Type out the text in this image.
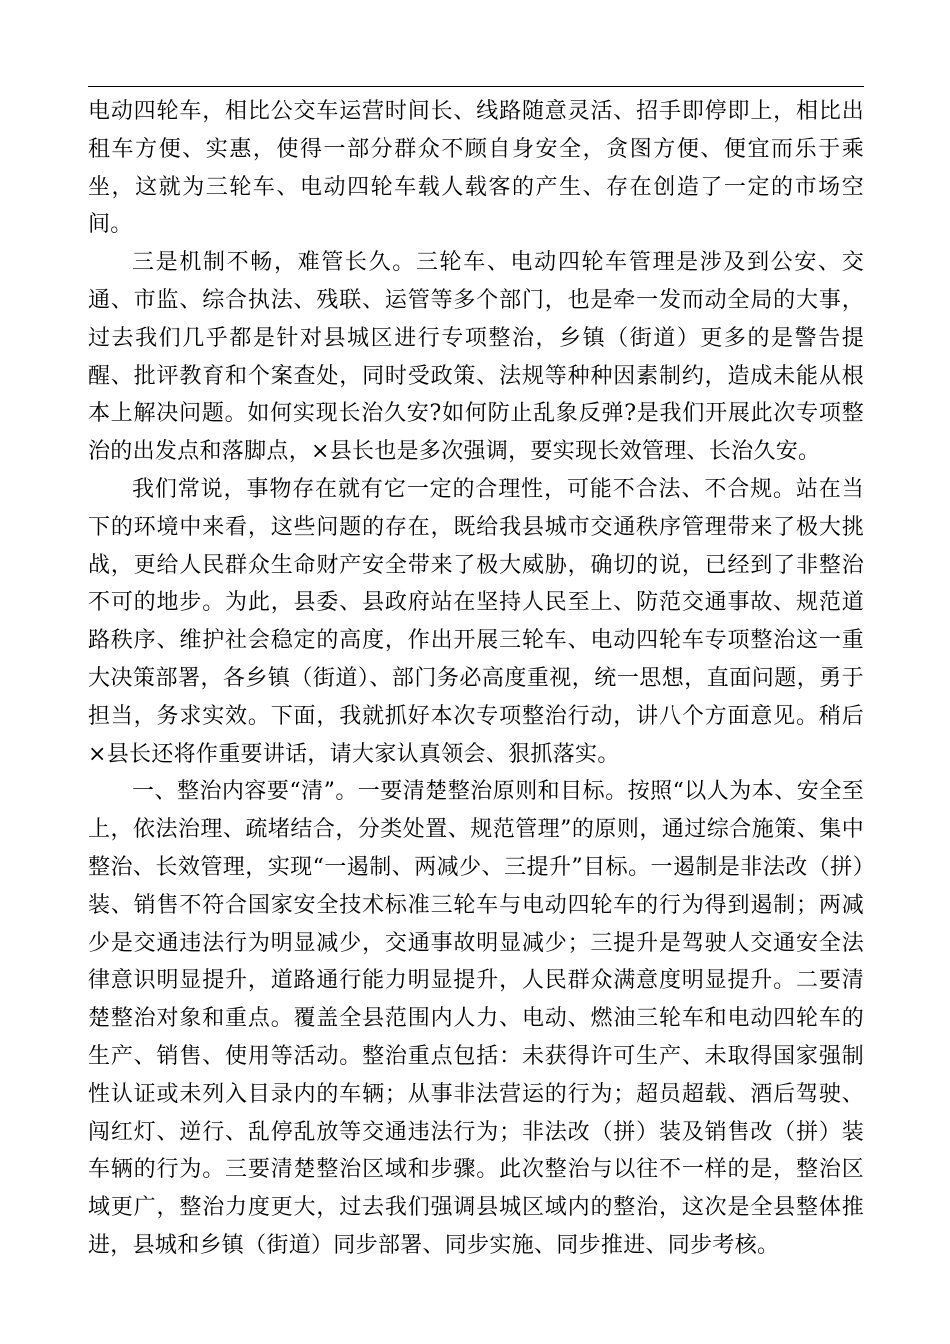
电动四轮车，相比公交车运营时间长、线路随意灵活、招手即停即上，相比出租车方便、实惠，使得一部分群众不顾自身安全，贪图方便、便宜而乐于乘坐，这就为三轮车、电动四轮车载人载客的产生、存在创造了一定的市场空间。

三是机制不畅，难管长久。三轮车、电动四轮车管理是涉及到公安、交通、市监、综合执法、残联、运管等多个部门，也是牵一发而动全局的大事，过去我们几乎都是针对县城区进行专项整治，乡镇（街道）更多的是警告提醒、批评教育和个案查处，同时受政策、法规等种种因素制约，造成未能从根本上解决问题。如何实现长治久安?如何防止乱象反弹?是我们开展此次专项整治的出发点和落脚点，×县长也是多次强调，要实现长效管理、长治久安。

我们常说，事物存在就有它一定的合理性，可能不合法、不合规。站在当下的环境中来看，这些问题的存在，既给我县城市交通秩序管理带来了极大挑战，更给人民群众生命财产安全带来了极大威胁，确切的说，已经到了非整治不可的地步。为此，县委、县政府站在坚持人民至上、防范交通事故、规范道路秩序、维护社会稳定的高度，作出开展三轮车、电动四轮车专项整治这一重大决策部署，各乡镇（街道）、部门务必高度重视，统一思想，直面问题，勇于担当，务求实效。下面，我就抓好本次专项整治行动，讲八个方面意见。稍后×县长还将作重要讲话，请大家认真领会、狠抓落实。

一、整治内容要“清”。一要清楚整治原则和目标。按照“以人为本、安全至上，依法治理、疏堵结合，分类处置、规范管理”的原则，通过综合施策、集中整治、长效管理，实现“一遏制、两减少、三提升”目标。一遏制是非法改（拼）装、销售不符合国家安全技术标准三轮车与电动四轮车的行为得到遏制；两减少是交通违法行为明显减少，交通事故明显减少；三提升是驾驶人交通安全法律意识明显提升，道路通行能力明显提升，人民群众满意度明显提升。二要清楚整治对象和重点。覆盖全县范围内人力、电动、燃油三轮车和电动四轮车的生产、销售、使用等活动。整治重点包括：未获得许可生产、未取得国家强制性认证或未列入目录内的车辆；从事非法营运的行为；超员超载、酒后驾驶、闯红灯、逆行、乱停乱放等交通违法行为；非法改（拼）装及销售改（拼）装车辆的行为。三要清楚整治区域和步骤。此次整治与以往不一样的是，整治区域更广，整治力度更大，过去我们强调县城区域内的整治，这次是全县整体推进，县城和乡镇（街道）同步部署、同步实施、同步推进、同步考核。
